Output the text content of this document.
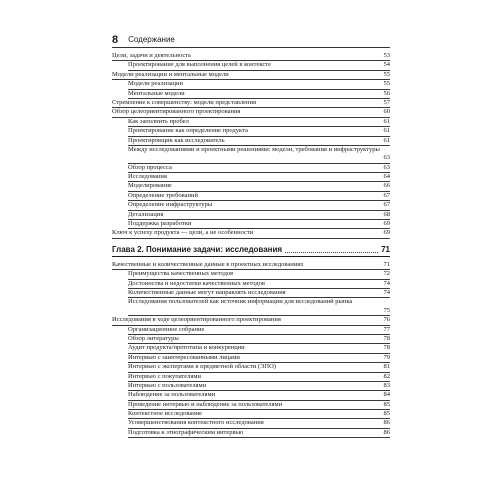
8 Содержание
Цели, задачи и деятельность	53
Проектирование для выполнения целей в контексте	54
Модели реализации и ментальные модели	55
Модели реализации	55
Ментальные модели	56
Стремление к совершенству: модели представления	57
Обзор целеориентированного проектирования	60
Как заполнить пробел	61
Проектирование как определение продукта	61
Проектировщик как исследователь	61
Между исследованиями и проектными решениями: модели, требования и инфраструктуры
63
Обзор процесса	63
Исследования	64
Моделирование	66
Определение требований	67
Определение инфраструктуры	67
Детализация	68
Поддержка разработки	69
Ключ к успеху продукта — цели, а не особенности	69
Глава 2. Понимание задачи: исследования	71
Качественные и количественные данные в проектных исследованиях	71
Преимущества качественных методов	72
Достоинства и недостатки качественных методов	74
Количественные данные могут направлять исследования	74
Исследования пользователей как источник информации для исследований рынка
75
Исследования в ходе целеориентированного проектирования	76
Организационное собрание	77
Обзор литературы	78
Аудит продукта/прототипа и конкуренции	78
Интервью с заинтересованными лицами	79
Интервью с экспертами в предметной области (ЭПО)	81
Интервью с покупателями	82
Интервью с пользователями	83
Наблюдение за пользователями	84
Проведение интервью и наблюдение за пользователями	85
Контекстное исследование	85
Усовершенствования контекстного исследования	86
Подготовка к этнографическим интервью	86
